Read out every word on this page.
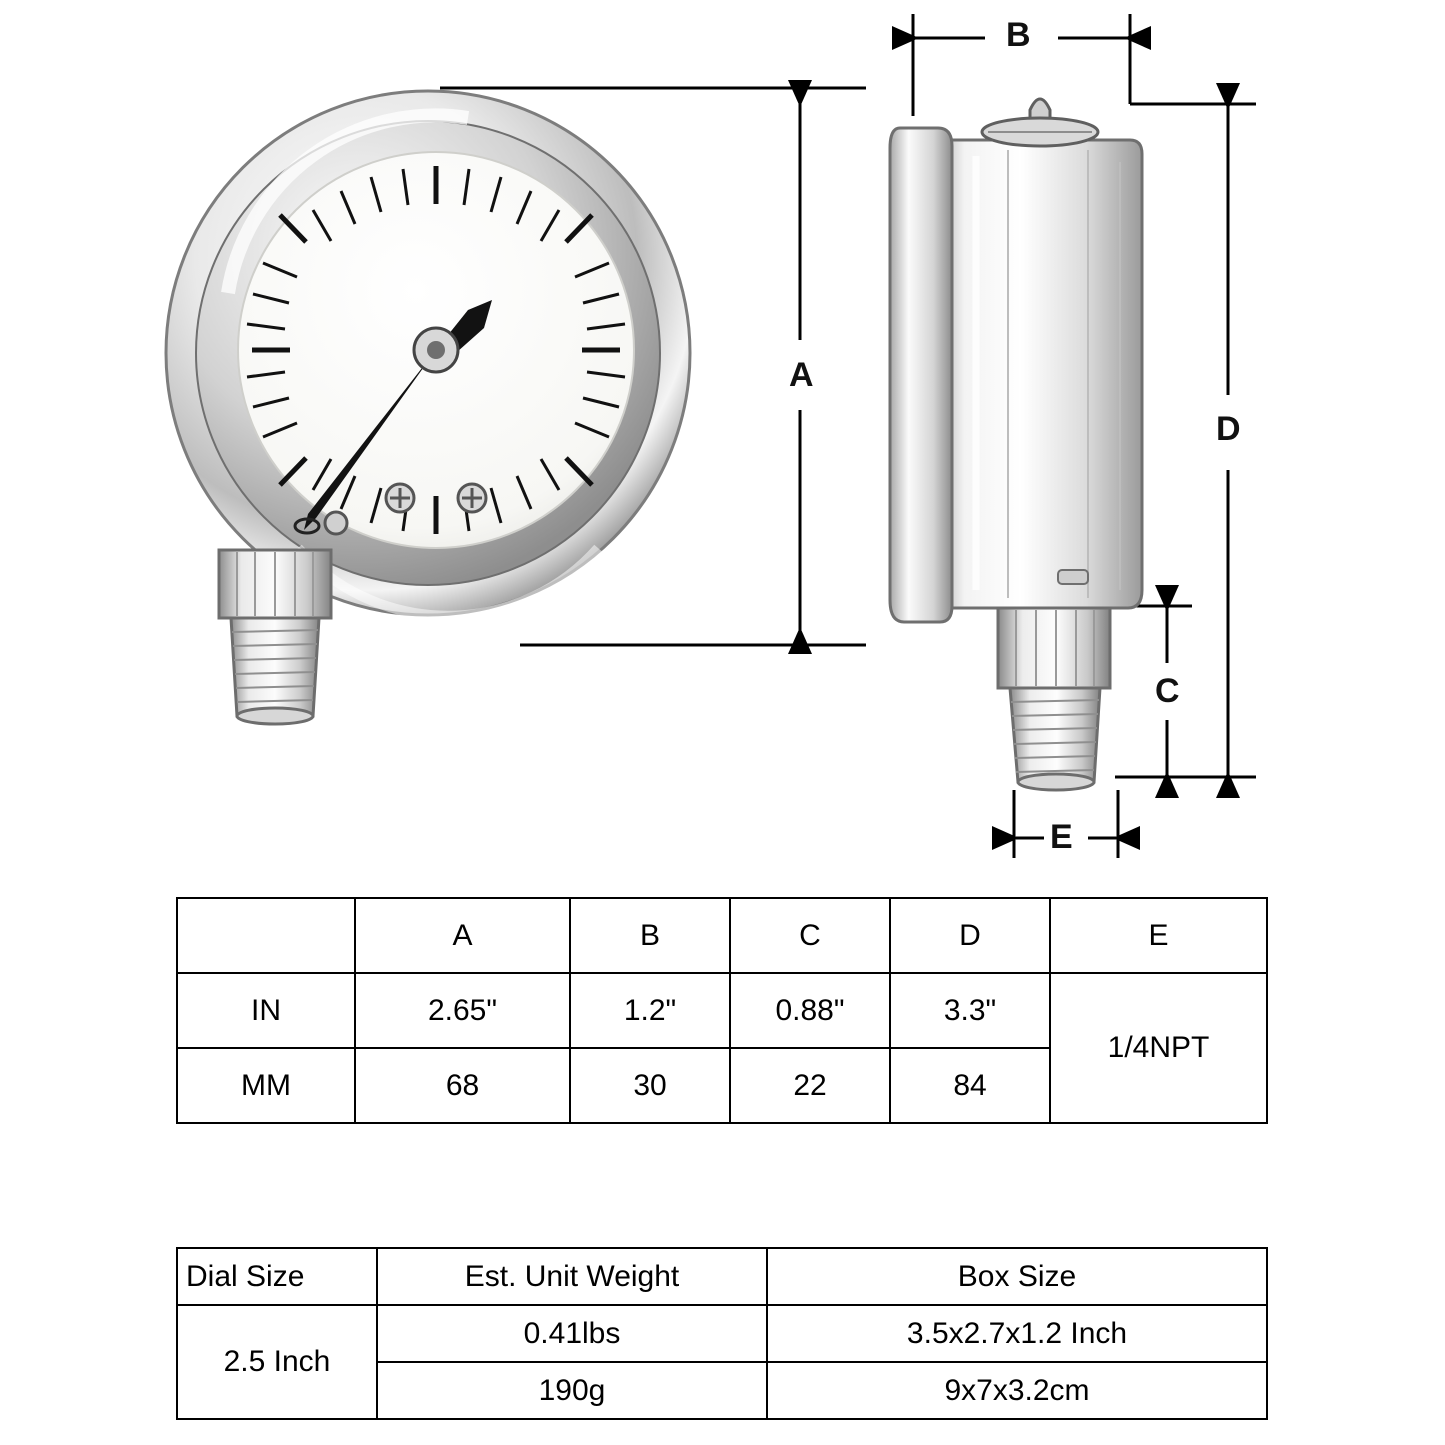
A
B
D
C
E
	A	B	C	D	E
IN	2.65"	1.2"	0.88"	3.3"	1/4NPT
MM	68	30	22	84	
Dial Size	Est. Unit Weight	Box Size
2.5 Inch	0.41lbs	3.5x2.7x1.2 Inch
	190g	9x7x3.2cm
